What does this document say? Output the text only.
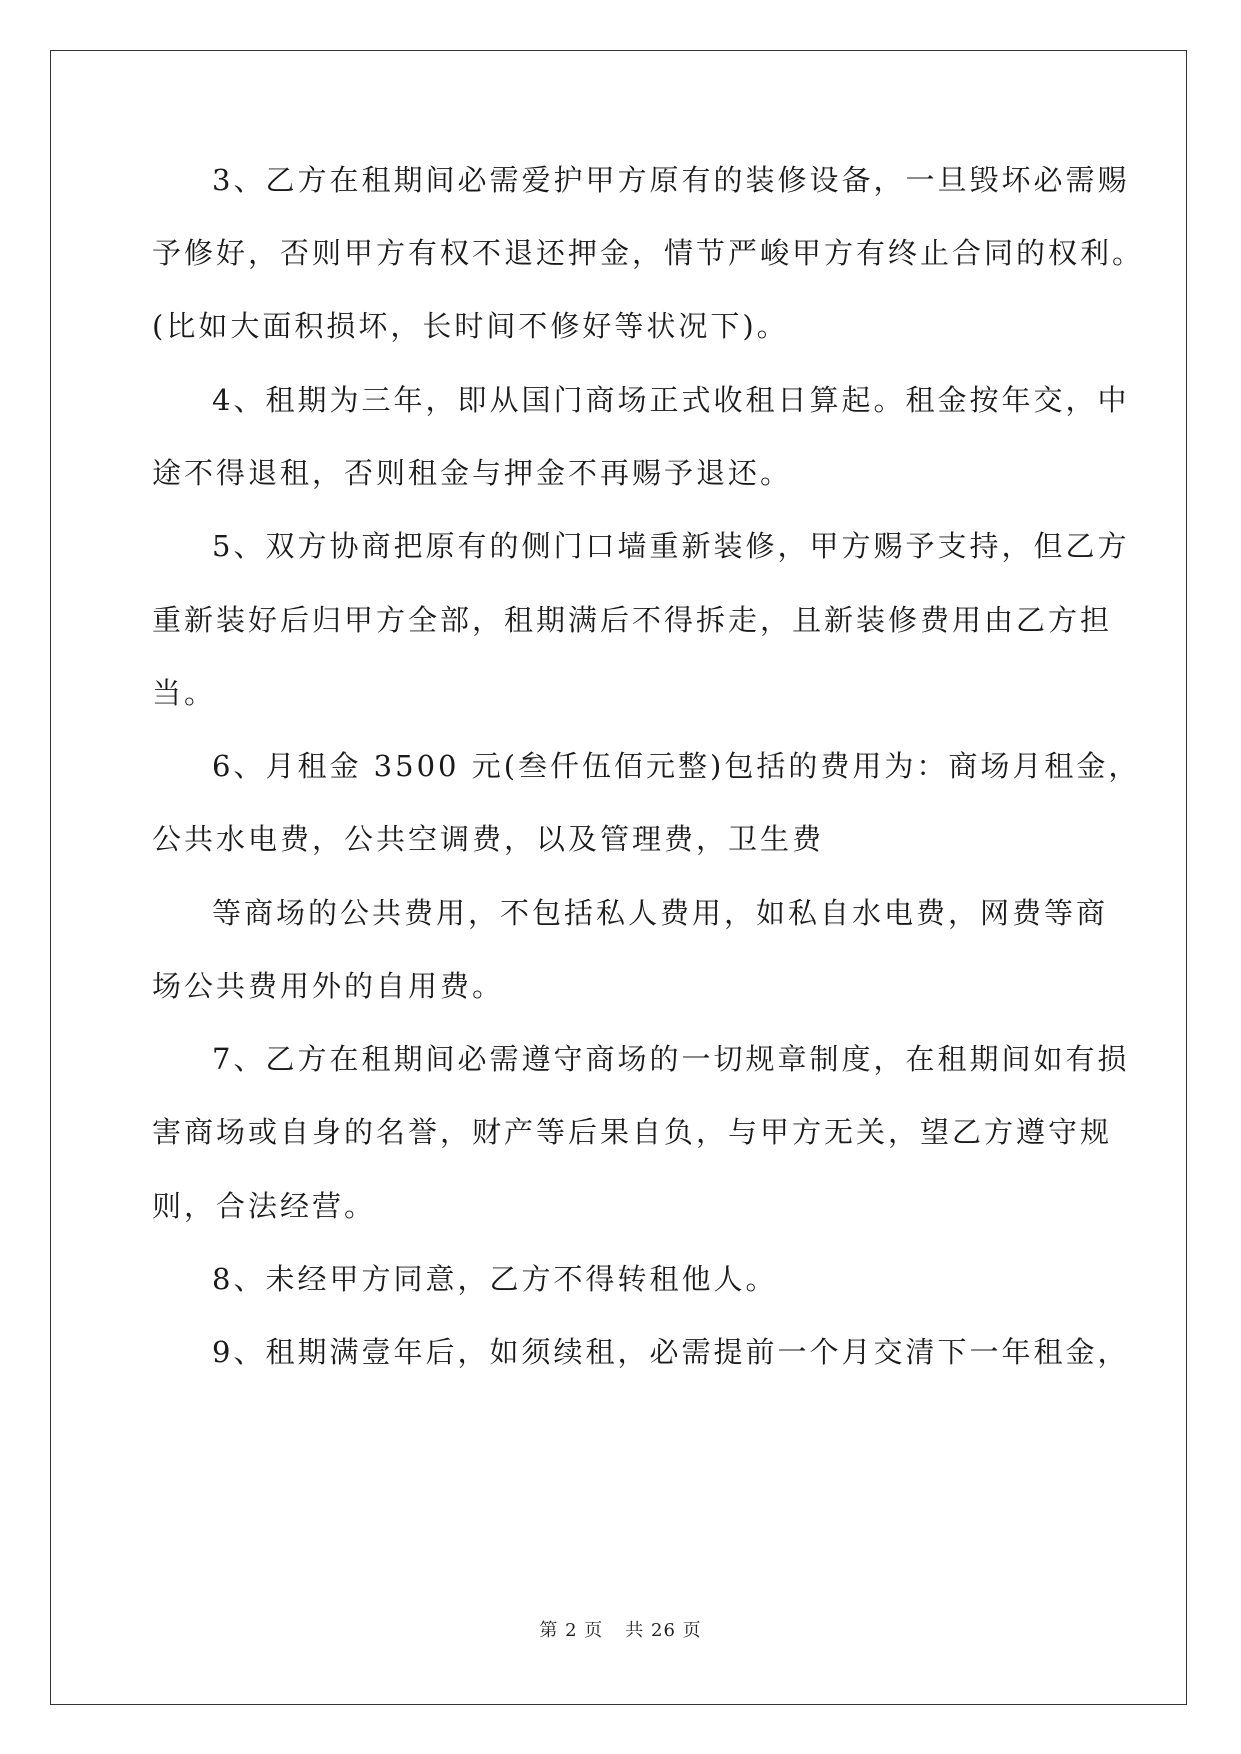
3、乙方在租期间必需爱护甲方原有的装修设备，一旦毁坏必需赐
予修好，否则甲方有权不退还押金，情节严峻甲方有终止合同的权利。
(比如大面积损坏，长时间不修好等状况下)。
4、租期为三年，即从国门商场正式收租日算起。租金按年交，中
途不得退租，否则租金与押金不再赐予退还。
5、双方协商把原有的侧门口墙重新装修，甲方赐予支持，但乙方
重新装好后归甲方全部，租期满后不得拆走，且新装修费用由乙方担
当。
6、月租金 3500 元(叁仟伍佰元整)包括的费用为：商场月租金，
公共水电费，公共空调费，以及管理费，卫生费
等商场的公共费用，不包括私人费用，如私自水电费，网费等商
场公共费用外的自用费。
7、乙方在租期间必需遵守商场的一切规章制度，在租期间如有损
害商场或自身的名誉，财产等后果自负，与甲方无关，望乙方遵守规
则，合法经营。
8、未经甲方同意，乙方不得转租他人。
9、租期满壹年后，如须续租，必需提前一个月交清下一年租金，
第 2 页 共 26 页
